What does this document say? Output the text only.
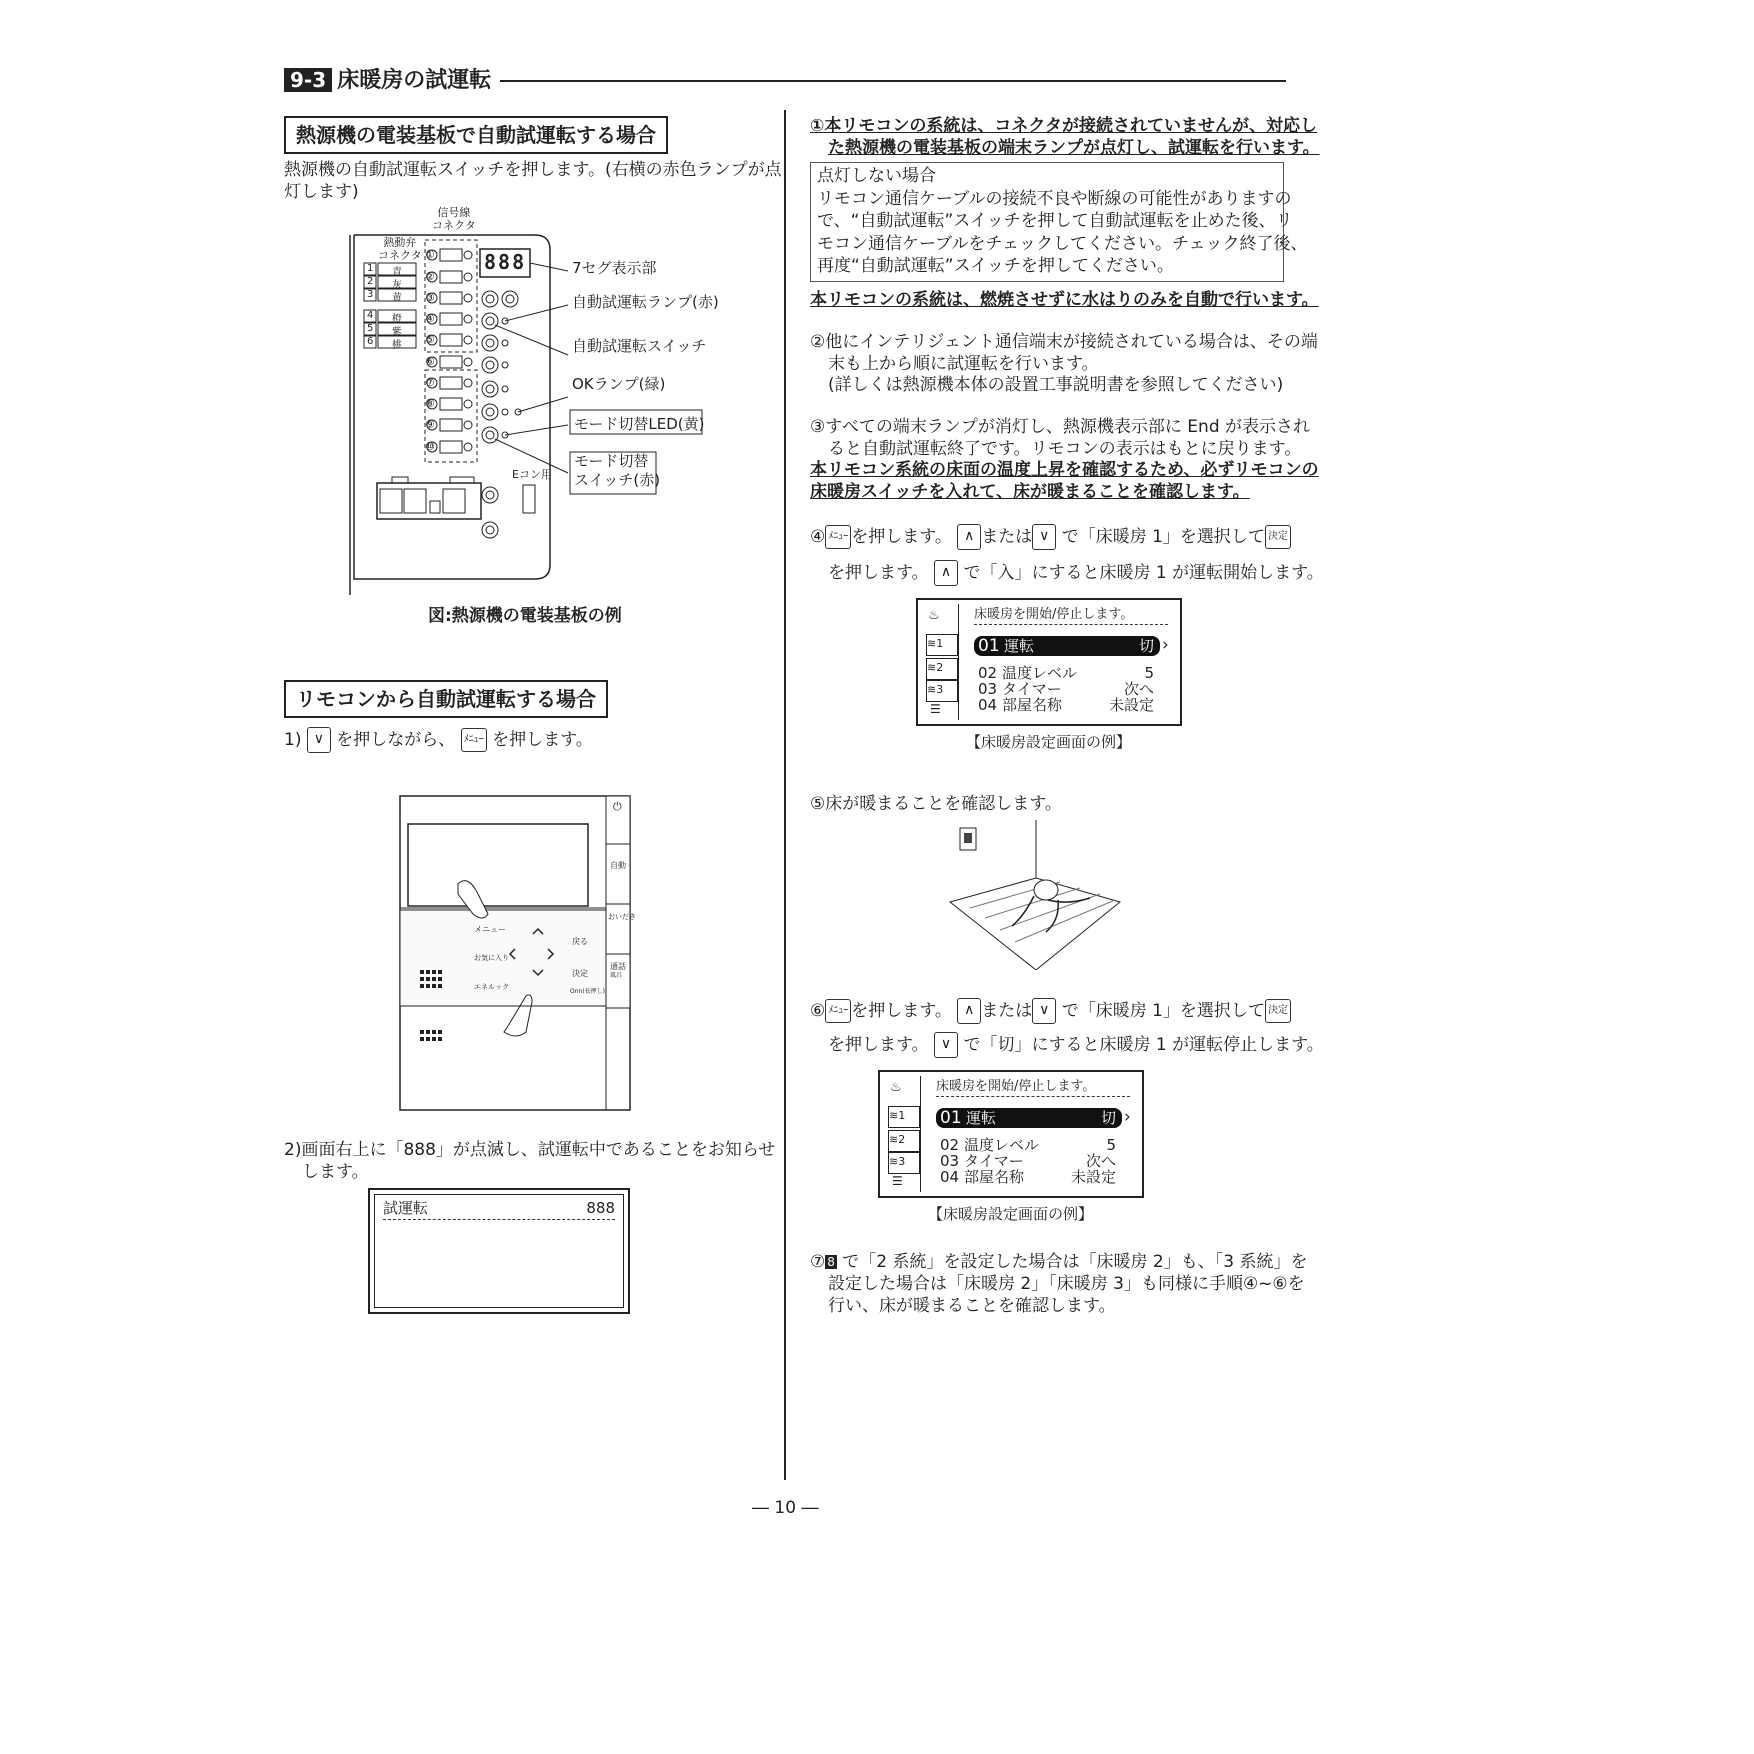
9-3 床暖房の試運転
熱源機の電装基板で自動試運転する場合
熱源機の自動試運転スイッチを押します。(右横の赤色ランプが点
灯します)
信号線
コネクタ
熱動弁
コネクタ
1 青
2 灰
3 黄
4 橙
5 紫
6 桃
①
②
③
④
⑤
⑥
⑦
⑧
⑨
⑩
888
Eコン用
7セグ表示部
自動試運転ランプ(赤)
自動試運転スイッチ
OKランプ(緑)
モード切替LED(黄)
モード切替
スイッチ(赤)
図:熱源機の電装基板の例
リモコンから自動試運転する場合
1) ∨ を押しながら、 ﾒﾆｭｰ を押します。
⏻
自動
おいだき
通話
風呂
メニュー
お気に入り
エネルック
戻る
決定
Onn(長押し)
2)画面右上に「888」が点滅し、試運転中であることをお知らせ
します。
試運転	888
①本リモコンの系統は、コネクタが接続されていませんが、対応し
た熱源機の電装基板の端末ランプが点灯し、試運転を行います。
点灯しない場合
リモコン通信ケーブルの接続不良や断線の可能性がありますの
で、“自動試運転”スイッチを押して自動試運転を止めた後、リ
モコン通信ケーブルをチェックしてください。チェック終了後、
再度“自動試運転”スイッチを押してください。
本リモコンの系統は、燃焼させずに水はりのみを自動で行います。
②他にインテリジェント通信端末が接続されている場合は、その端
末も上から順に試運転を行います。
(詳しくは熱源機本体の設置工事説明書を参照してください)
③すべての端末ランプが消灯し、熱源機表示部に End が表示され
ると自動試運転終了です。リモコンの表示はもとに戻ります。
本リモコン系統の床面の温度上昇を確認するため、必ずリモコンの
床暖房スイッチを入れて、床が暖まることを確認します。
④ ﾒﾆｭｰ を押します。 ∧ または ∨ で「床暖房 1」を選択して 決定
を押します。 ∧ で「入」にすると床暖房 1 が運転開始します。
♨
≋1
≋2
≋3
☰
床暖房を開始/停止します。
01 運転	切 ›
02 温度レベル	5
03 タイマー	次へ
04 部屋名称	未設定
【床暖房設定画面の例】
⑤床が暖まることを確認します。
⑥ ﾒﾆｭｰ を押します。 ∧ または ∨ で「床暖房 1」を選択して 決定
を押します。 ∨ で「切」にすると床暖房 1 が運転停止します。
♨
≋1
≋2
≋3
☰
床暖房を開始/停止します。
01 運転	切 ›
02 温度レベル	5
03 タイマー	次へ
04 部屋名称	未設定
【床暖房設定画面の例】
⑦ 8 で「2 系統」を設定した場合は「床暖房 2」も、「3 系統」を
設定した場合は「床暖房 2」「床暖房 3」も同様に手順④~⑥を
行い、床が暖まることを確認します。
― 10 ―
